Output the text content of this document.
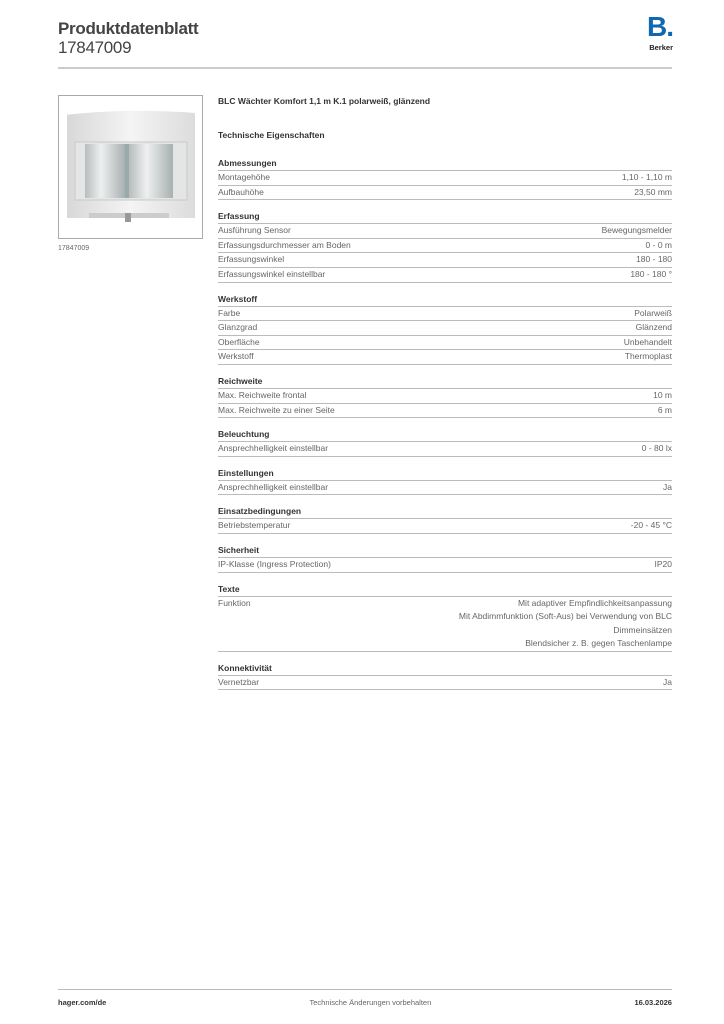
Produktdatenblatt
17847009
B.
Berker
17847009
BLC Wächter Komfort 1,1 m K.1 polarweiß, glänzend
Technische Eigenschaften
Abmessungen
Montagehöhe	1,10 - 1,10 m
Aufbauhöhe	23,50 mm
Erfassung
Ausführung Sensor	Bewegungsmelder
Erfassungsdurchmesser am Boden	0 - 0 m
Erfassungswinkel	180 - 180
Erfassungswinkel einstellbar	180 - 180 °
Werkstoff
Farbe	Polarweiß
Glanzgrad	Glänzend
Oberfläche	Unbehandelt
Werkstoff	Thermoplast
Reichweite
Max. Reichweite frontal	10 m
Max. Reichweite zu einer Seite	6 m
Beleuchtung
Ansprechhelligkeit einstellbar	0 - 80 lx
Einstellungen
Ansprechhelligkeit einstellbar	Ja
Einsatzbedingungen
Betriebstemperatur	-20 - 45 °C
Sicherheit
IP-Klasse (Ingress Protection)	IP20
Texte
Funktion	Mit adaptiver Empfindlichkeitsanpassung
Mit Abdimmfunktion (Soft-Aus) bei Verwendung von BLC
Dimmeinsätzen
Blendsicher z. B. gegen Taschenlampe
Konnektivität
Vernetzbar	Ja
hager.com/de	Technische Änderungen vorbehalten	16.03.2026
